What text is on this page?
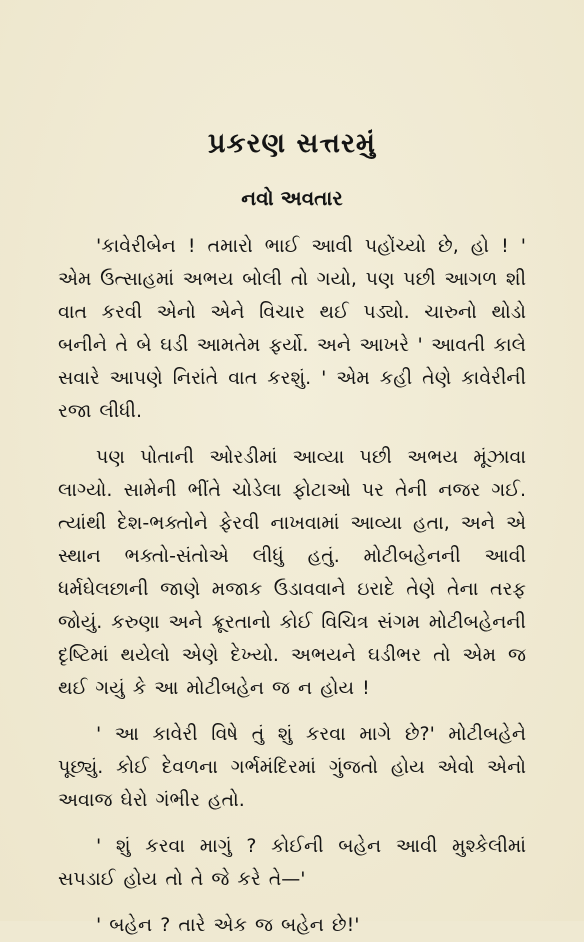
પ્રકરણ સત્તરમું
નવો અવતાર

'કાવેરીબેન ! તમારો ભાઈ આવી પહોંચ્યો છે, હો ! ' એમ ઉત્સાહમાં અભય બોલી તો ગયો, પણ પછી આગળ શી વાત કરવી એનો એને વિચાર થઈ પડ્યો. ચારુનો થોડો બનીને તે બે ઘડી આમતેમ ફર્યો. અને આખરે ' આવતી કાલે સવારે આપણે નિરાંતે વાત કરશું. ' એમ કહી તેણે કાવેરીની રજા લીધી.

પણ પોતાની ઓરડીમાં આવ્યા પછી અભય મૂંઝાવા લાગ્યો. સામેની ભીંતે ચોડેલા ફોટાઓ પર તેની નજર ગઈ. ત્યાંથી દેશ-ભક્તોને ફેરવી નાખવામાં આવ્યા હતા, અને એ સ્થાન ભક્તો-સંતોએ લીધું હતું. મોટીબહેનની આવી ધર્મઘેલછાની જાણે મજાક ઉડાવવાને ઇરાદે તેણે તેના તરફ જોયું. કરુણા અને ક્રૂરતાનો કોઈ વિચિત્ર સંગમ મોટીબહેનની દૃષ્ટિમાં થયેલો એણે દેખ્યો. અભયને ઘડીભર તો એમ જ થઈ ગયું કે આ મોટીબહેન જ ન હોય !

' આ કાવેરી વિષે તું શું કરવા માગે છે?' મોટીબહેને પૂછ્યું. કોઈ દેવળના ગર્ભમંદિરમાં ગુંજતો હોય એવો એનો અવાજ ઘેરો ગંભીર હતો.

' શું કરવા માગું ? કોઈની બહેન આવી મુશ્કેલીમાં સપડાઈ હોય તો તે જે કરે તે—'

' બહેન ? તારે એક જ બહેન છે!'
